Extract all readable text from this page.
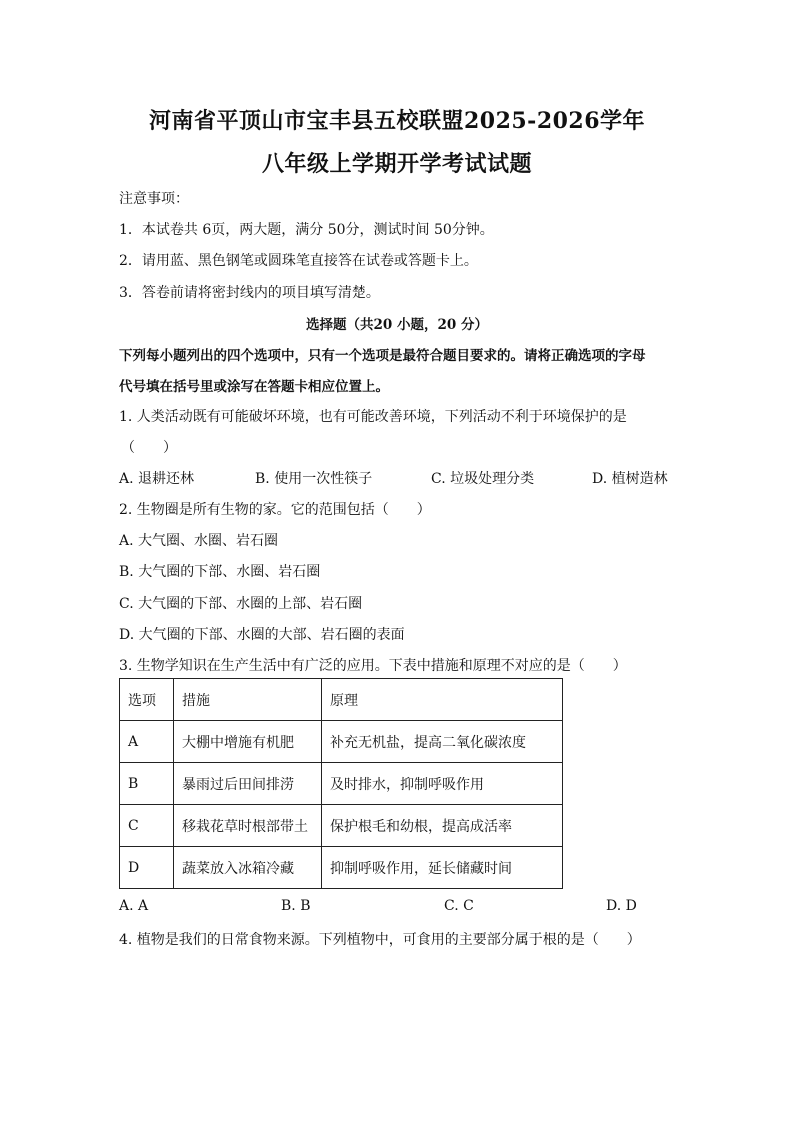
河南省平顶山市宝丰县五校联盟2025-2026学年
八年级上学期开学考试试题
注意事项：
1．本试卷共 6页，两大题，满分 50分，测试时间 50分钟。
2．请用蓝、黑色钢笔或圆珠笔直接答在试卷或答题卡上。
3．答卷前请将密封线内的项目填写清楚。
选择题（共20 小题，20 分）
下列每小题列出的四个选项中，只有一个选项是最符合题目要求的。请将正确选项的字母
代号填在括号里或涂写在答题卡相应位置上。
1. 人类活动既有可能破坏环境，也有可能改善环境，下列活动不利于环境保护的是
（　　）
A. 退耕还林	B. 使用一次性筷子	C. 垃圾处理分类	D. 植树造林
2. 生物圈是所有生物的家。它的范围包括（　　）
A. 大气圈、水圈、岩石圈
B. 大气圈的下部、水圈、岩石圈
C. 大气圈的下部、水圈的上部、岩石圈
D. 大气圈的下部、水圈的大部、岩石圈的表面
3. 生物学知识在生产生活中有广泛的应用。下表中措施和原理不对应的是（　　）
选项	措施	原理
A	大棚中增施有机肥	补充无机盐，提高二氧化碳浓度
B	暴雨过后田间排涝	及时排水，抑制呼吸作用
C	移栽花草时根部带土	保护根毛和幼根，提高成活率
D	蔬菜放入冰箱冷藏	抑制呼吸作用，延长储藏时间
A. A	B. B	C. C	D. D
4. 植物是我们的日常食物来源。下列植物中，可食用的主要部分属于根的是（　　）
